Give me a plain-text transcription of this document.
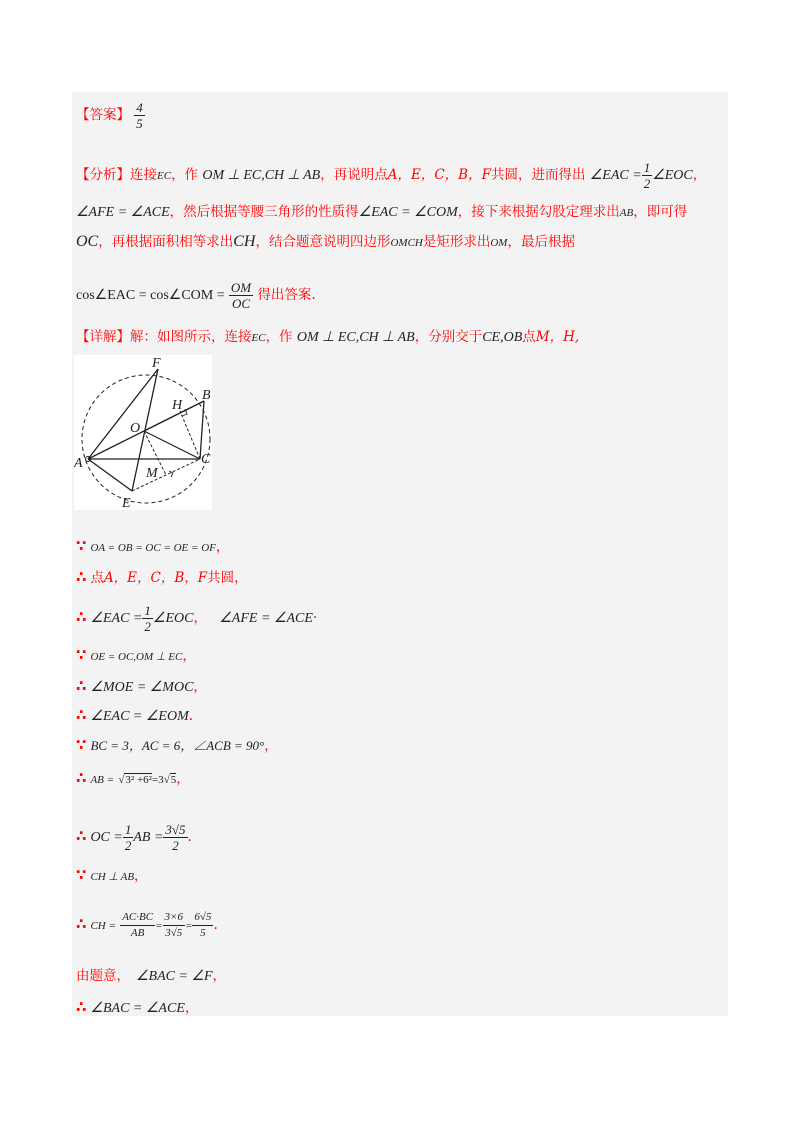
【答案】 $\frac{4}{5}$
【分析】连接EC，作 OM ⊥ EC,CH ⊥ AB，再说明点A，E，C，B，F共圆，进而得出 ∠EAC = $\frac{1}{2}$ ∠EOC，
∠AFE = ∠ACE，然后根据等腰三角形的性质得∠EAC = ∠COM，接下来根据勾股定理求出AB，即可得
OC，再根据面积相等求出CH，结合题意说明四边形OMCH是矩形求出OM，最后根据
cos∠EAC = cos∠COM = $\frac{OM}{OC}$ 得出答案.
【详解】解：如图所示，连接EC，作 OM ⊥ EC,CH ⊥ AB，分别交于CE,OB点M，H,
F
B
H
O
A	C
M
E
∵ OA = OB = OC = OE = OF，
∴ 点A，E，C，B，F共圆，
∴ ∠EAC = $\frac{1}{2}$ ∠EOC， ∠AFE = ∠ACE·
∵ OE = OC,OM ⊥ EC，
∴ ∠MOE = ∠MOC，
∴ ∠EAC = ∠EOM.
∵ BC = 3，AC = 6，∠ACB = 90°，
∴ AB = √3² +6²=3√5，
∴ OC = $\frac{1}{2}$ AB = $\frac{3√5}{2}$ .
∵ CH ⊥ AB，
∴ CH = $\frac{AC\cdot BC}{AB} = \frac{3\times 6}{3√5} = \frac{6√5}{5}$ .
由题意， ∠BAC = ∠F，
∴ ∠BAC = ∠ACE，
